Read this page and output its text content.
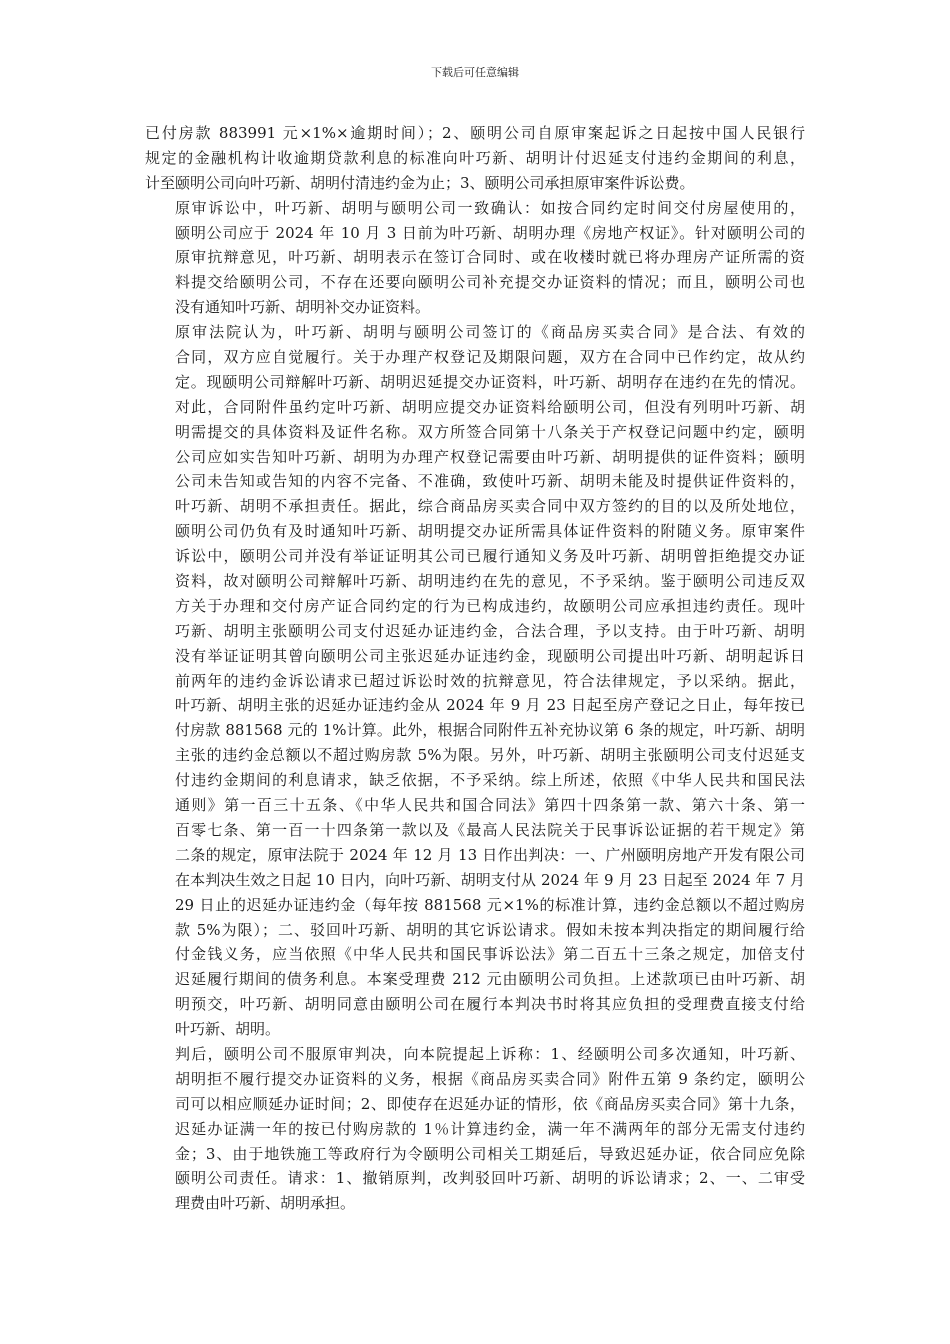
下载后可任意编辑
已付房款 883991 元×1%×逾期时间）；2、颐明公司自原审案起诉之日起按中国人民银行
规定的金融机构计收逾期贷款利息的标准向叶巧新、胡明计付迟延支付违约金期间的利息，
计至颐明公司向叶巧新、胡明付清违约金为止；3、颐明公司承担原审案件诉讼费。
原审诉讼中，叶巧新、胡明与颐明公司一致确认：如按合同约定时间交付房屋使用的，
颐明公司应于 2024 年 10 月 3 日前为叶巧新、胡明办理《房地产权证》。针对颐明公司的
原审抗辩意见，叶巧新、胡明表示在签订合同时、或在收楼时就已将办理房产证所需的资
料提交给颐明公司，不存在还要向颐明公司补充提交办证资料的情况；而且，颐明公司也
没有通知叶巧新、胡明补交办证资料。
原审法院认为，叶巧新、胡明与颐明公司签订的《商品房买卖合同》是合法、有效的
合同，双方应自觉履行。关于办理产权登记及期限问题，双方在合同中已作约定，故从约
定。现颐明公司辩解叶巧新、胡明迟延提交办证资料，叶巧新、胡明存在违约在先的情况。
对此，合同附件虽约定叶巧新、胡明应提交办证资料给颐明公司，但没有列明叶巧新、胡
明需提交的具体资料及证件名称。双方所签合同第十八条关于产权登记问题中约定，颐明
公司应如实告知叶巧新、胡明为办理产权登记需要由叶巧新、胡明提供的证件资料；颐明
公司未告知或告知的内容不完备、不准确，致使叶巧新、胡明未能及时提供证件资料的，
叶巧新、胡明不承担责任。据此，综合商品房买卖合同中双方签约的目的以及所处地位，
颐明公司仍负有及时通知叶巧新、胡明提交办证所需具体证件资料的附随义务。原审案件
诉讼中，颐明公司并没有举证证明其公司已履行通知义务及叶巧新、胡明曾拒绝提交办证
资料，故对颐明公司辩解叶巧新、胡明违约在先的意见，不予采纳。鉴于颐明公司违反双
方关于办理和交付房产证合同约定的行为已构成违约，故颐明公司应承担违约责任。现叶
巧新、胡明主张颐明公司支付迟延办证违约金，合法合理，予以支持。由于叶巧新、胡明
没有举证证明其曾向颐明公司主张迟延办证违约金，现颐明公司提出叶巧新、胡明起诉日
前两年的违约金诉讼请求已超过诉讼时效的抗辩意见，符合法律规定，予以采纳。据此，
叶巧新、胡明主张的迟延办证违约金从 2024 年 9 月 23 日起至房产登记之日止，每年按已
付房款 881568 元的 1%计算。此外，根据合同附件五补充协议第 6 条的规定，叶巧新、胡明
主张的违约金总额以不超过购房款 5%为限。另外，叶巧新、胡明主张颐明公司支付迟延支
付违约金期间的利息请求，缺乏依据，不予采纳。综上所述，依照《中华人民共和国民法
通则》第一百三十五条、《中华人民共和国合同法》第四十四条第一款、第六十条、第一
百零七条、第一百一十四条第一款以及《最高人民法院关于民事诉讼证据的若干规定》第
二条的规定，原审法院于 2024 年 12 月 13 日作出判决：一、广州颐明房地产开发有限公司
在本判决生效之日起 10 日内，向叶巧新、胡明支付从 2024 年 9 月 23 日起至 2024 年 7 月
29 日止的迟延办证违约金（每年按 881568 元×1%的标准计算，违约金总额以不超过购房
款 5%为限）；二、驳回叶巧新、胡明的其它诉讼请求。假如未按本判决指定的期间履行给
付金钱义务，应当依照《中华人民共和国民事诉讼法》第二百五十三条之规定，加倍支付
迟延履行期间的债务利息。本案受理费 212 元由颐明公司负担。上述款项已由叶巧新、胡
明预交，叶巧新、胡明同意由颐明公司在履行本判决书时将其应负担的受理费直接支付给
叶巧新、胡明。
判后，颐明公司不服原审判决，向本院提起上诉称：1、经颐明公司多次通知，叶巧新、
胡明拒不履行提交办证资料的义务，根据《商品房买卖合同》附件五第 9 条约定，颐明公
司可以相应顺延办证时间；2、即使存在迟延办证的情形，依《商品房买卖合同》第十九条，
迟延办证满一年的按已付购房款的 1％计算违约金，满一年不满两年的部分无需支付违约
金；3、由于地铁施工等政府行为令颐明公司相关工期延后，导致迟延办证，依合同应免除
颐明公司责任。请求：1、撤销原判，改判驳回叶巧新、胡明的诉讼请求；2、一、二审受
理费由叶巧新、胡明承担。
